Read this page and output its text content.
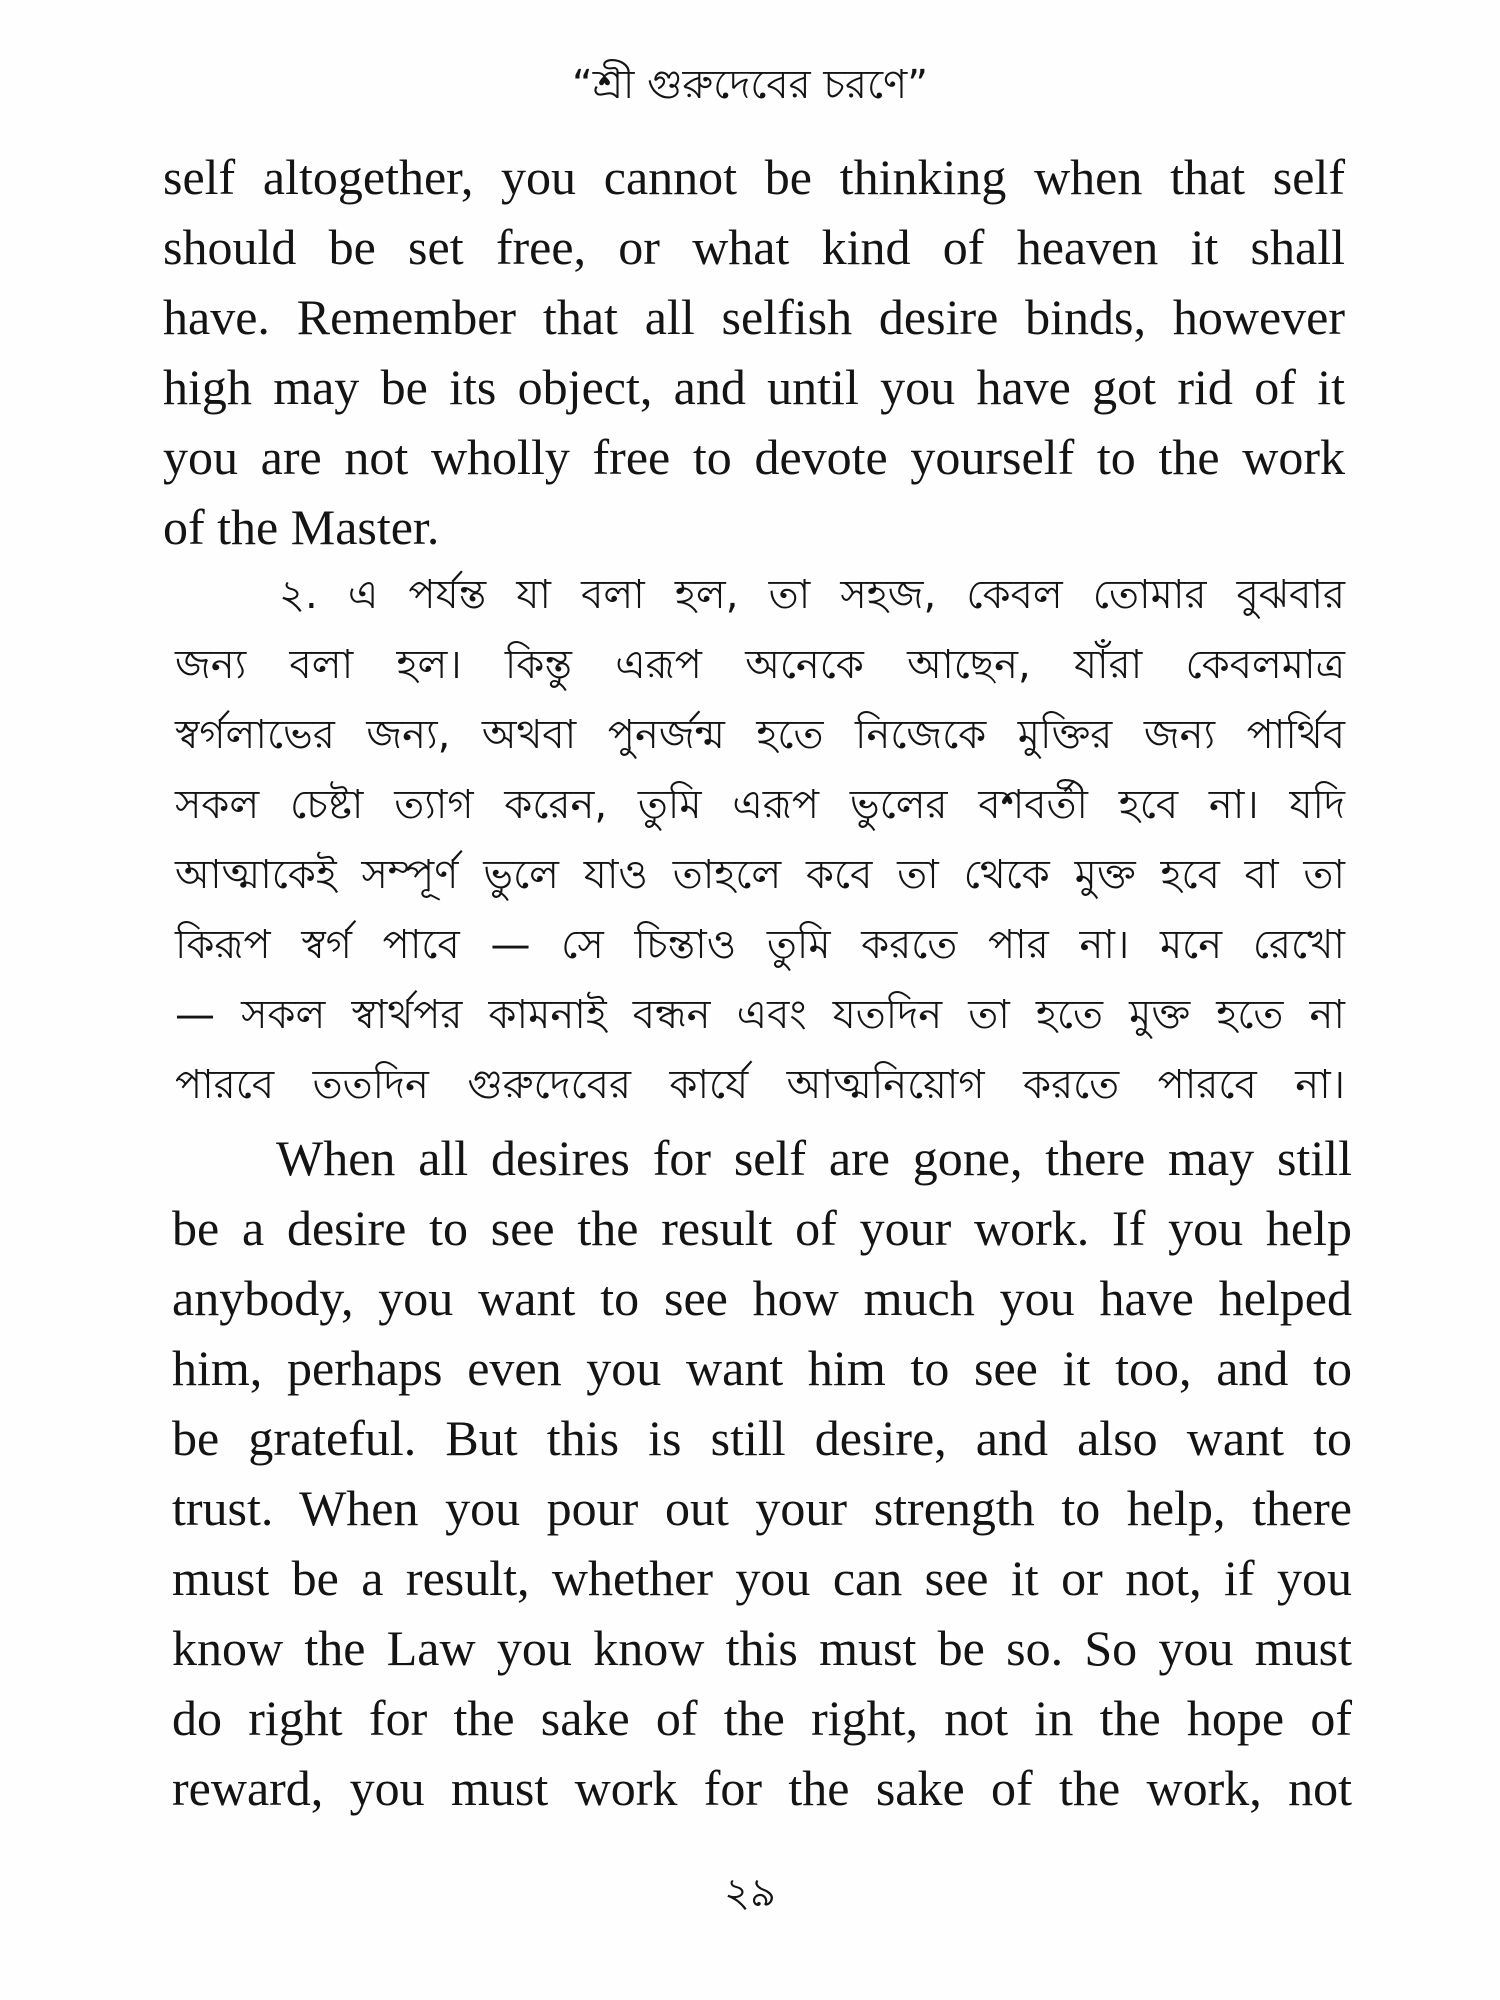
“শ্রী গুরুদেবের চরণে”
self altogether, you cannot be thinking when that self
should be set free, or what kind of heaven it shall
have. Remember that all selfish desire binds, however
high may be its object, and until you have got rid of it
you are not wholly free to devote yourself to the work
of the Master.
২. এ পর্যন্ত যা বলা হল, তা সহজ, কেবল তোমার বুঝবার
জন্য বলা হল। কিন্তু এরূপ অনেকে আছেন, যাঁরা কেবলমাত্র
স্বর্গলাভের জন্য, অথবা পুনর্জন্ম হতে নিজেকে মুক্তির জন্য পার্থিব
সকল চেষ্টা ত্যাগ করেন, তুমি এরূপ ভুলের বশবর্তী হবে না। যদি
আত্মাকেই সম্পূর্ণ ভুলে যাও তাহলে কবে তা থেকে মুক্ত হবে বা তা
কিরূপ স্বর্গ পাবে — সে চিন্তাও তুমি করতে পার না। মনে রেখো
— সকল স্বার্থপর কামনাই বন্ধন এবং যতদিন তা হতে মুক্ত হতে না
পারবে ততদিন গুরুদেবের কার্যে আত্মনিয়োগ করতে পারবে না।
When all desires for self are gone, there may still
be a desire to see the result of your work. If you help
anybody, you want to see how much you have helped
him, perhaps even you want him to see it too, and to
be grateful. But this is still desire, and also want to
trust. When you pour out your strength to help, there
must be a result, whether you can see it or not, if you
know the Law you know this must be so. So you must
do right for the sake of the right, not in the hope of
reward, you must work for the sake of the work, not
২৯
